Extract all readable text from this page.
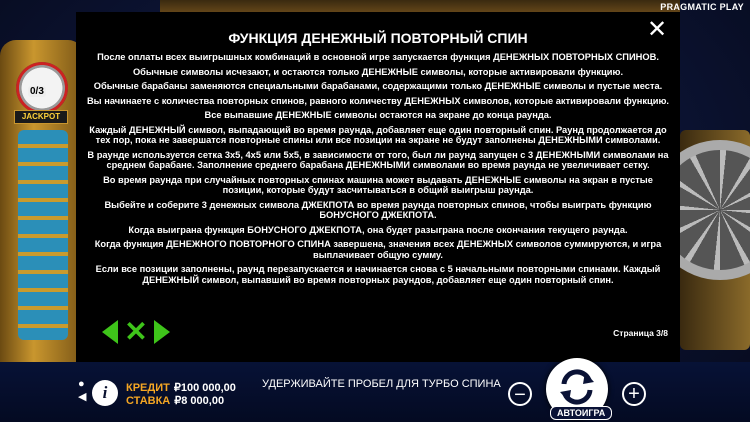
PRAGMATIC PLAY
0/3
JACKPOT
✕
ФУНКЦИЯ ДЕНЕЖНЫЙ ПОВТОРНЫЙ СПИН

После оплаты всех выигрышных комбинаций в основной игре запускается функция ДЕНЕЖНЫХ ПОВТОРНЫХ СПИНОВ.

Обычные символы исчезают, и остаются только ДЕНЕЖНЫЕ символы, которые активировали функцию.

Обычные барабаны заменяются специальными барабанами, содержащими только ДЕНЕЖНЫЕ символы и пустые места.

Вы начинаете с количества повторных спинов, равного количеству ДЕНЕЖНЫХ символов, которые активировали функцию.

Все выпавшие ДЕНЕЖНЫЕ символы остаются на экране до конца раунда.

Каждый ДЕНЕЖНЫЙ символ, выпадающий во время раунда, добавляет еще один повторный спин. Раунд продолжается до тех пор, пока не завершатся повторные спины или все позиции на экране не будут заполнены ДЕНЕЖНЫМИ символами.

В раунде используется сетка 3x5, 4x5 или 5x5, в зависимости от того, был ли раунд запущен с 3 ДЕНЕЖНЫМИ символами на среднем барабане. Заполнение среднего барабана ДЕНЕЖНЫМИ символами во время раунда не увеличивает сетку.

Во время раунда при случайных повторных спинах машина может выдавать ДЕНЕЖНЫЕ символы на экран в пустые позиции, которые будут засчитываться в общий выигрыш раунда.

Выбейте и соберите 3 денежных символа ДЖЕКПОТА во время раунда повторных спинов, чтобы выиграть функцию БОНУСНОГО ДЖЕКПОТА.

Когда выиграна функция БОНУСНОГО ДЖЕКПОТА, она будет разыграна после окончания текущего раунда.

Когда функция ДЕНЕЖНОГО ПОВТОРНОГО СПИНА завершена, значения всех ДЕНЕЖНЫХ символов суммируются, и игра выплачивает общую сумму.

Если все позиции заполнены, раунд перезапускается и начинается снова с 5 начальными повторными спинами. Каждый ДЕНЕЖНЫЙ символ, выпавший во время повторных раундов, добавляет еще один повторный спин.

✕	Страница 3/8
●
◀ i	КРЕДИТ ₽100 000,00
СТАВКА ₽8 000,00
УДЕРЖИВАЙТЕ ПРОБЕЛ ДЛЯ ТУРБО СПИНА −	+
АВТОИГРА
